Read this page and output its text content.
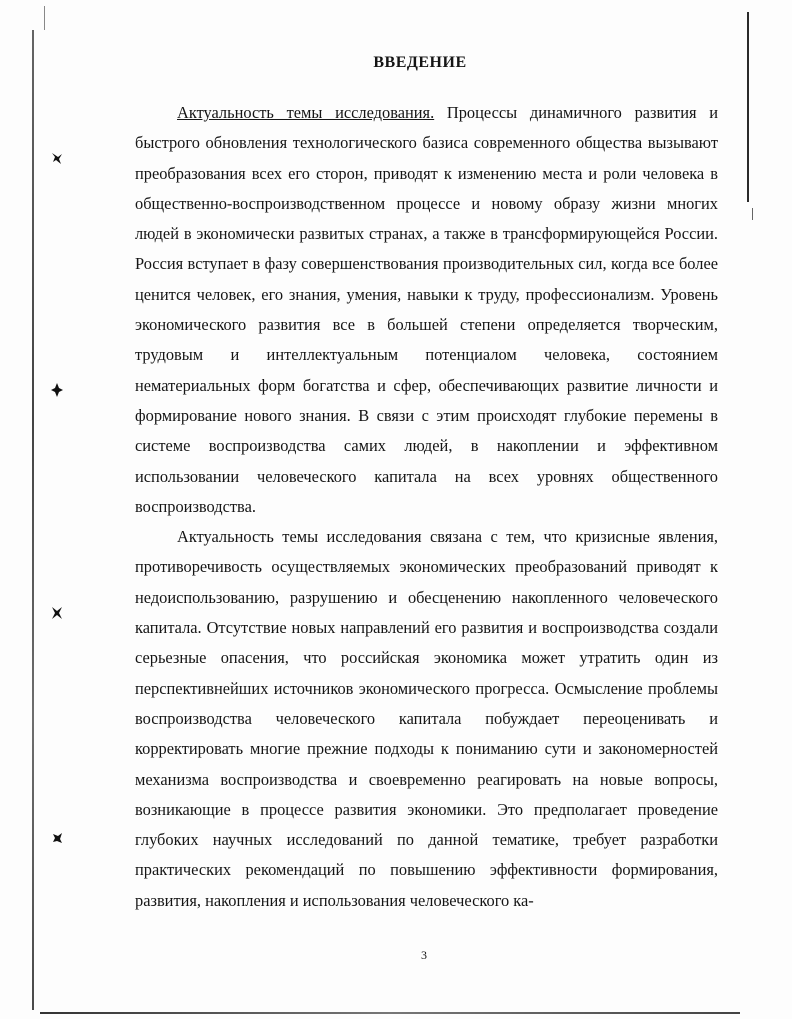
ВВЕДЕНИЕ

Актуальность темы исследования. Процессы динамичного развития и быстрого обновления технологического базиса современного общества вызывают преобразования всех его сторон, приводят к изменению места и роли человека в общественно-воспроизводственном процессе и новому образу жизни многих людей в экономически развитых странах, а также в трансформирующейся России. Россия вступает в фазу совершенствования производительных сил, когда все более ценится человек, его знания, умения, навыки к труду, профессионализм. Уровень экономического развития все в большей степени определяется творческим, трудовым и интеллектуальным потенциалом человека, состоянием нематериальных форм богатства и сфер, обеспечивающих развитие личности и формирование нового знания. В связи с этим происходят глубокие перемены в системе воспроизводства самих людей, в накоплении и эффективном использовании человеческого капитала на всех уровнях общественного воспроизводства.

Актуальность темы исследования связана с тем, что кризисные явления, противоречивость осуществляемых экономических преобразований приводят к недоиспользованию, разрушению и обесценению накопленного человеческого капитала. Отсутствие новых направлений его развития и воспроизводства создали серьезные опасения, что российская экономика может утратить один из перспективнейших источников экономического прогресса. Осмысление проблемы воспроизводства человеческого капитала побуждает переоценивать и корректировать многие прежние подходы к пониманию сути и закономерностей механизма воспроизводства и своевременно реагировать на новые вопросы, возникающие в процессе развития экономики. Это предполагает проведение глубоких научных исследований по данной тематике, требует разработки практических рекомендаций по повышению эффективности формирования, развития, накопления и использования человеческого ка-

3
